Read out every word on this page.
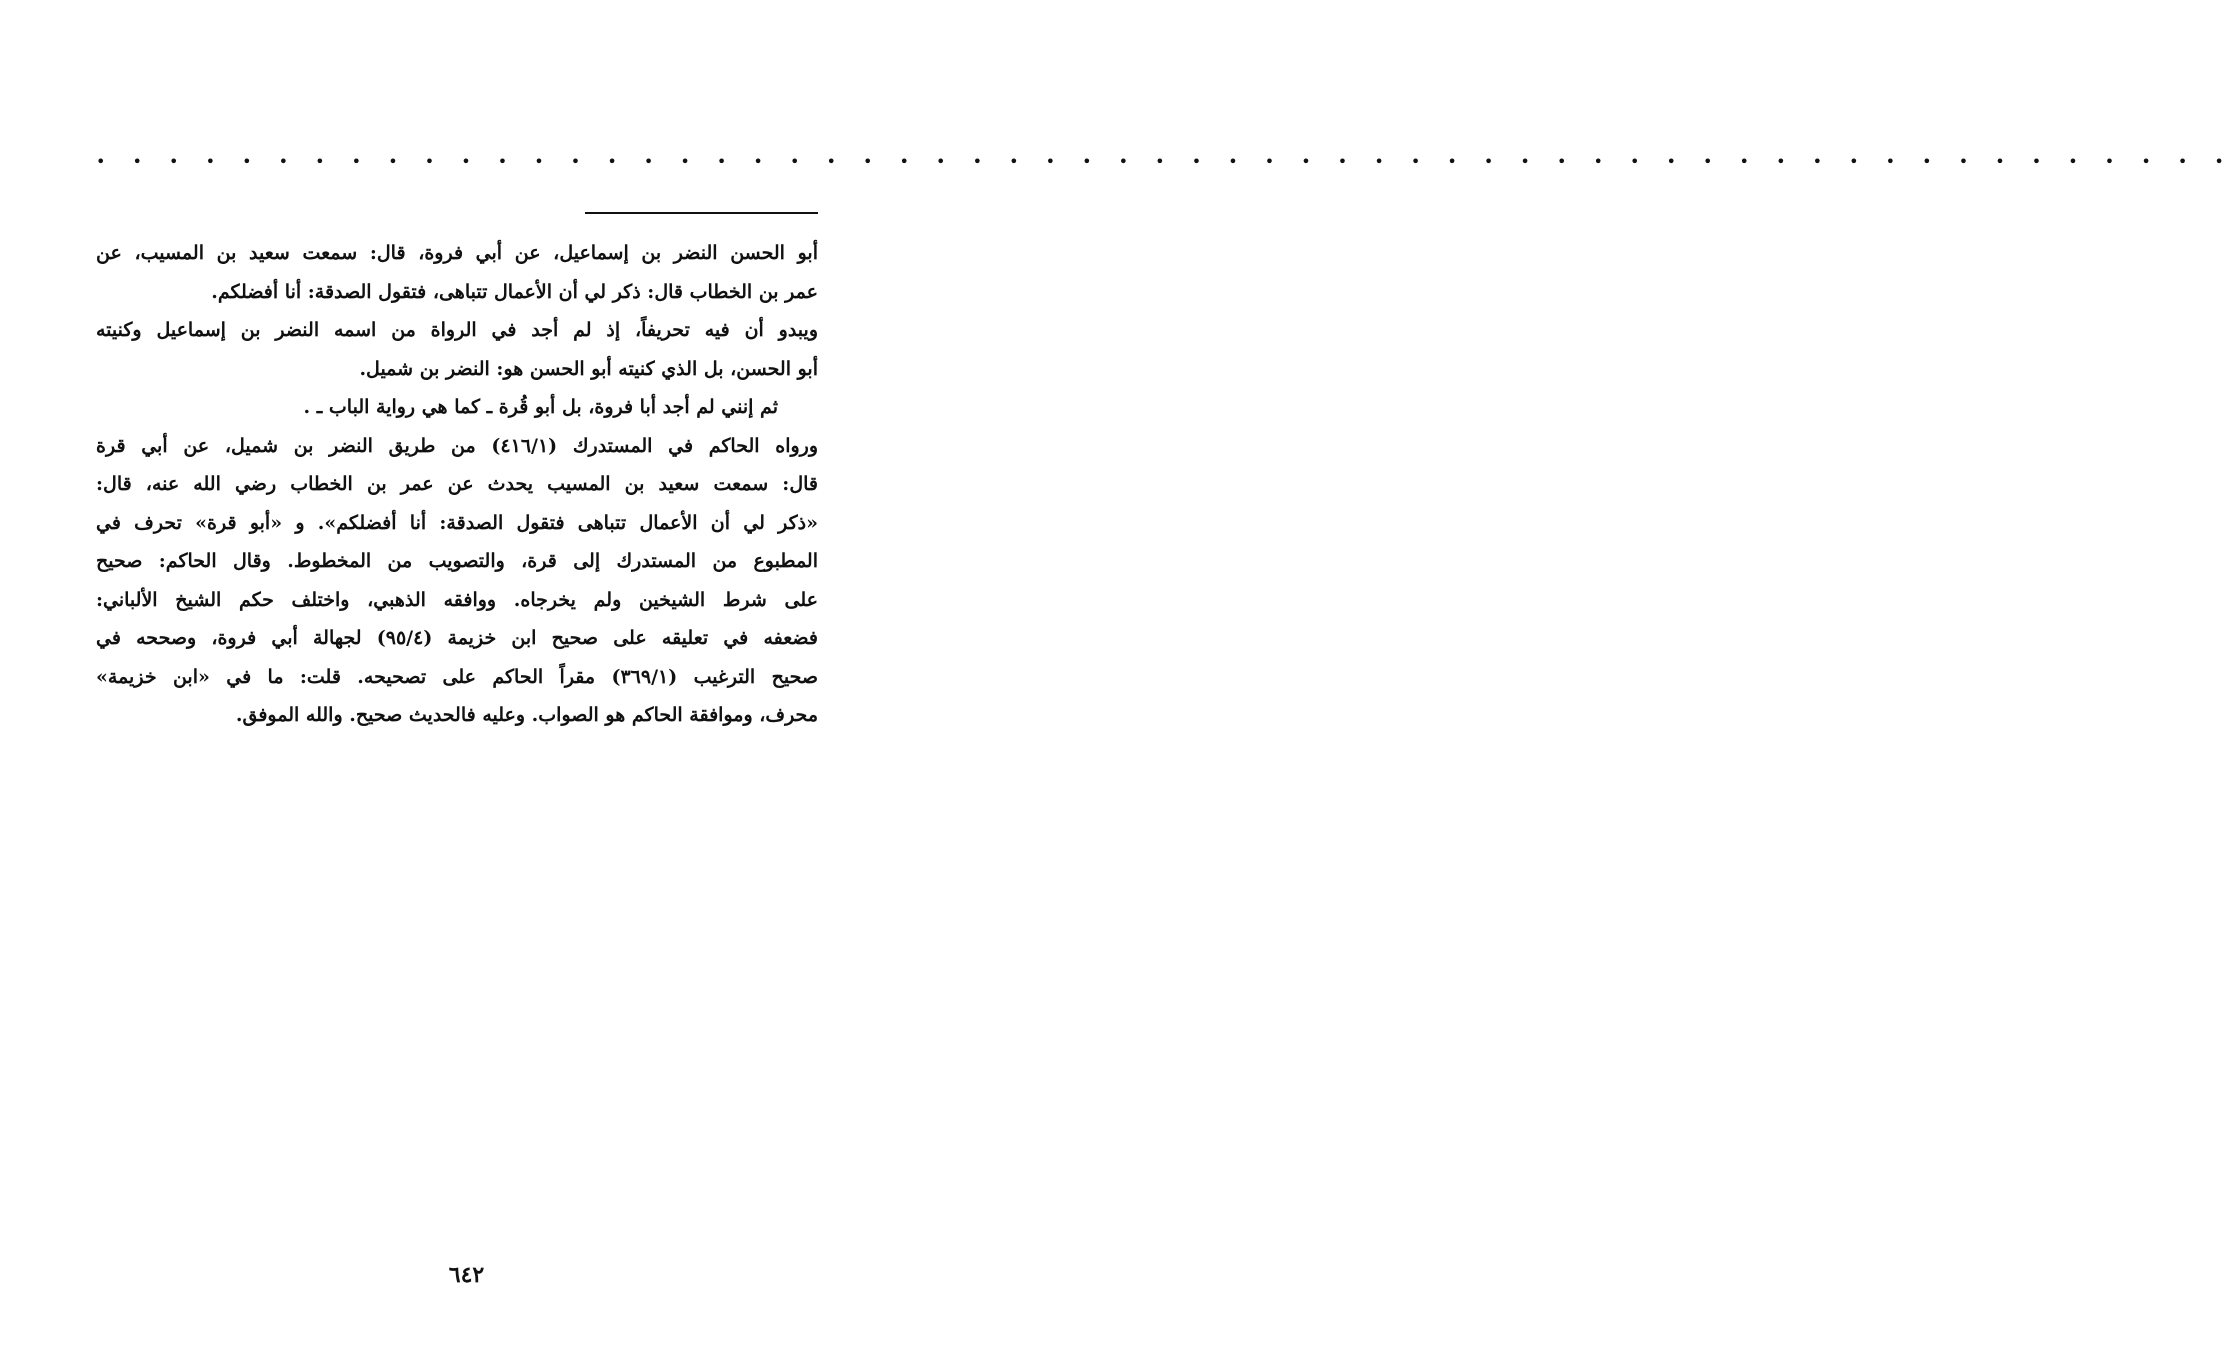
• • • • • • • • • • • • • • • • • • • • • • • • • • • • • • • • • • • • • • • • • • • • • • • • • • • • • • • • • • •
أبو الحسن النضر بن إسماعيل، عن أبي فروة، قال: سمعت سعيد بن المسيب، عن
عمر بن الخطاب قال: ذكر لي أن الأعمال تتباهى، فتقول الصدقة: أنا أفضلكم.
ويبدو أن فيه تحريفاً، إذ لم أجد في الرواة من اسمه النضر بن إسماعيل وكنيته
أبو الحسن، بل الذي كنيته أبو الحسن هو: النضر بن شميل.
ثم إنني لم أجد أبا فروة، بل أبو قُرة ـ كما هي رواية الباب ـ .
ورواه الحاكم في المستدرك (٤١٦/١) من طريق النضر بن شميل، عن أبي قرة
قال: سمعت سعيد بن المسيب يحدث عن عمر بن الخطاب رضي الله عنه، قال:
«ذكر لي أن الأعمال تتباهى فتقول الصدقة: أنا أفضلكم». و «أبو قرة» تحرف في
المطبوع من المستدرك إلى قرة، والتصويب من المخطوط. وقال الحاكم: صحيح
على شرط الشيخين ولم يخرجاه. ووافقه الذهبي، واختلف حكم الشيخ الألباني:
فضعفه في تعليقه على صحيح ابن خزيمة (٩٥/٤) لجهالة أبي فروة، وصححه في
صحيح الترغيب (٣٦٩/١) مقراً الحاكم على تصحيحه. قلت: ما في «ابن خزيمة»
محرف، وموافقة الحاكم هو الصواب. وعليه فالحديث صحيح. والله الموفق.
٦٤٢
